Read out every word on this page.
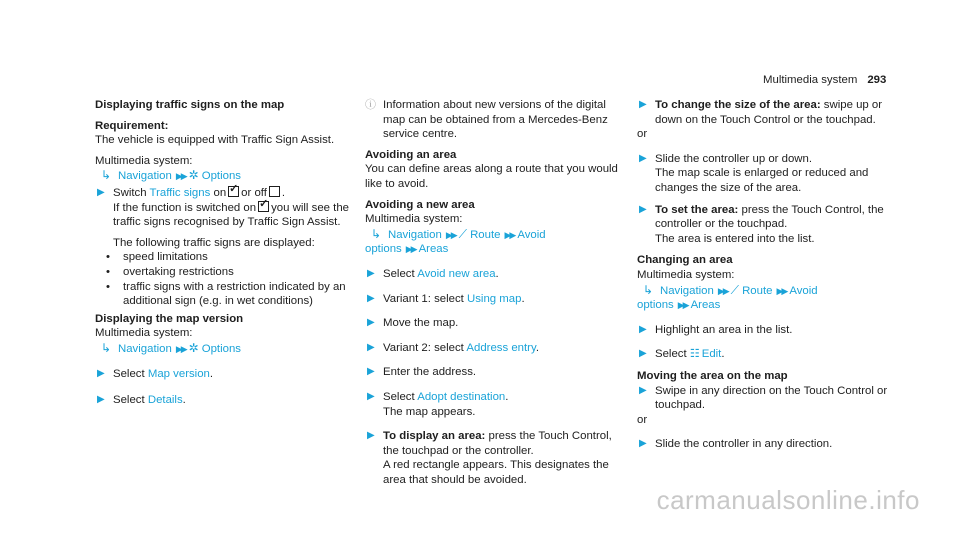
Multimedia system 293
Displaying traffic signs on the map
Requirement:
The vehicle is equipped with Traffic Sign Assist.
Multimedia system:
↳ Navigation ▶▶ ✲ Options
▶ Switch Traffic signs on ✓ or off .
If the function is switched on ✓ you will see the traffic signs recognised by Traffic Sign Assist.
The following traffic signs are displayed:
• speed limitations
• overtaking restrictions
• traffic signs with a restriction indicated by an additional sign (e.g. in wet conditions)
Displaying the map version
Multimedia system:
↳ Navigation ▶▶ ✲ Options
▶ Select Map version.
▶ Select Details.
ⓘ Information about new versions of the digital map can be obtained from a Mercedes-Benz service centre.
Avoiding an area
You can define areas along a route that you would like to avoid.
Avoiding a new area
Multimedia system:
↳ Navigation ▶▶ ⟋ Route ▶▶ Avoid options ▶▶ Areas
▶ Select Avoid new area.
▶ Variant 1: select Using map.
▶ Move the map.
▶ Variant 2: select Address entry.
▶ Enter the address.
▶ Select Adopt destination.
The map appears.
▶ To display an area: press the Touch Control, the touchpad or the controller.
A red rectangle appears. This designates the area that should be avoided.
▶ To change the size of the area: swipe up or down on the Touch Control or the touchpad.
or
▶ Slide the controller up or down.
The map scale is enlarged or reduced and changes the size of the area.
▶ To set the area: press the Touch Control, the controller or the touchpad.
The area is entered into the list.
Changing an area
Multimedia system:
↳ Navigation ▶▶ ⟋ Route ▶▶ Avoid options ▶▶ Areas
▶ Highlight an area in the list.
▶ Select ☷ Edit.
Moving the area on the map
▶ Swipe in any direction on the Touch Control or touchpad.
or
▶ Slide the controller in any direction.
carmanualsonline.info
